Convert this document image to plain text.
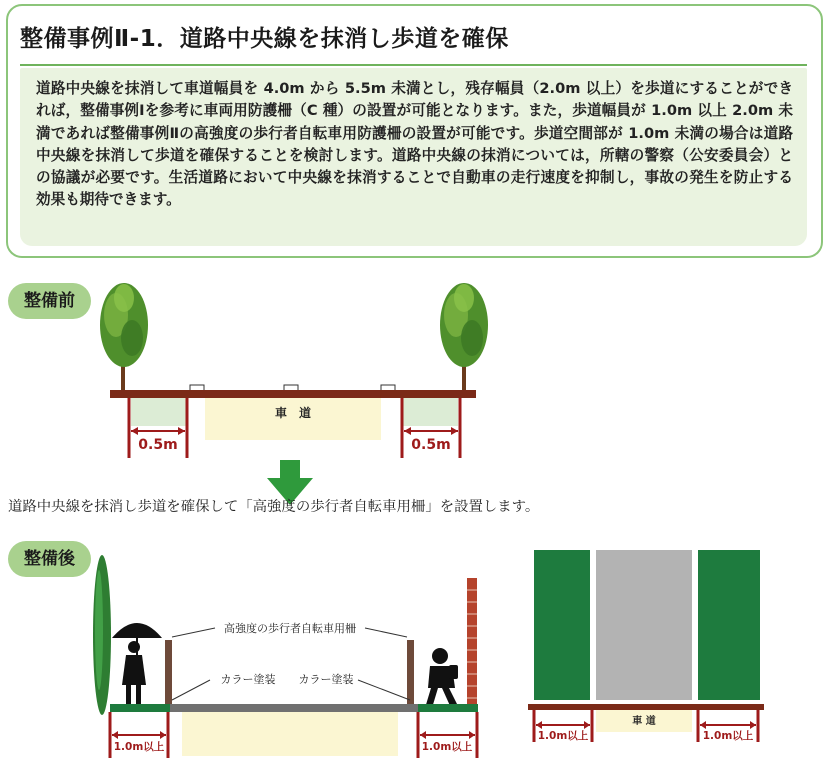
整備事例Ⅱ-1．道路中央線を抹消し歩道を確保

道路中央線を抹消して車道幅員を 4.0m から 5.5m 未満とし，残存幅員（2.0m 以上）を歩道にすることができれば，整備事例Ⅰを参考に車両用防護柵（C 種）の設置が可能となります。また，歩道幅員が 1.0m 以上 2.0m 未満であれば整備事例Ⅱの高強度の歩行者自転車用防護柵の設置が可能です。歩道空間部が 1.0m 未満の場合は道路中央線を抹消して歩道を確保することを検討します。道路中央線の抹消については，所轄の警察（公安委員会）との協議が必要です。生活道路において中央線を抹消することで自動車の走行速度を抑制し，事故の発生を防止する効果も期待できます。

整備前
車　道
0.5m	0.5m
道路中央線を抹消し歩道を確保して「高強度の歩行者自転車用柵」を設置します。
整備後
高強度の歩行者自転車用柵
カラー塗装 カラー塗装
1.0m以上	1.0m以上
車 道
1.0m以上	1.0m以上
